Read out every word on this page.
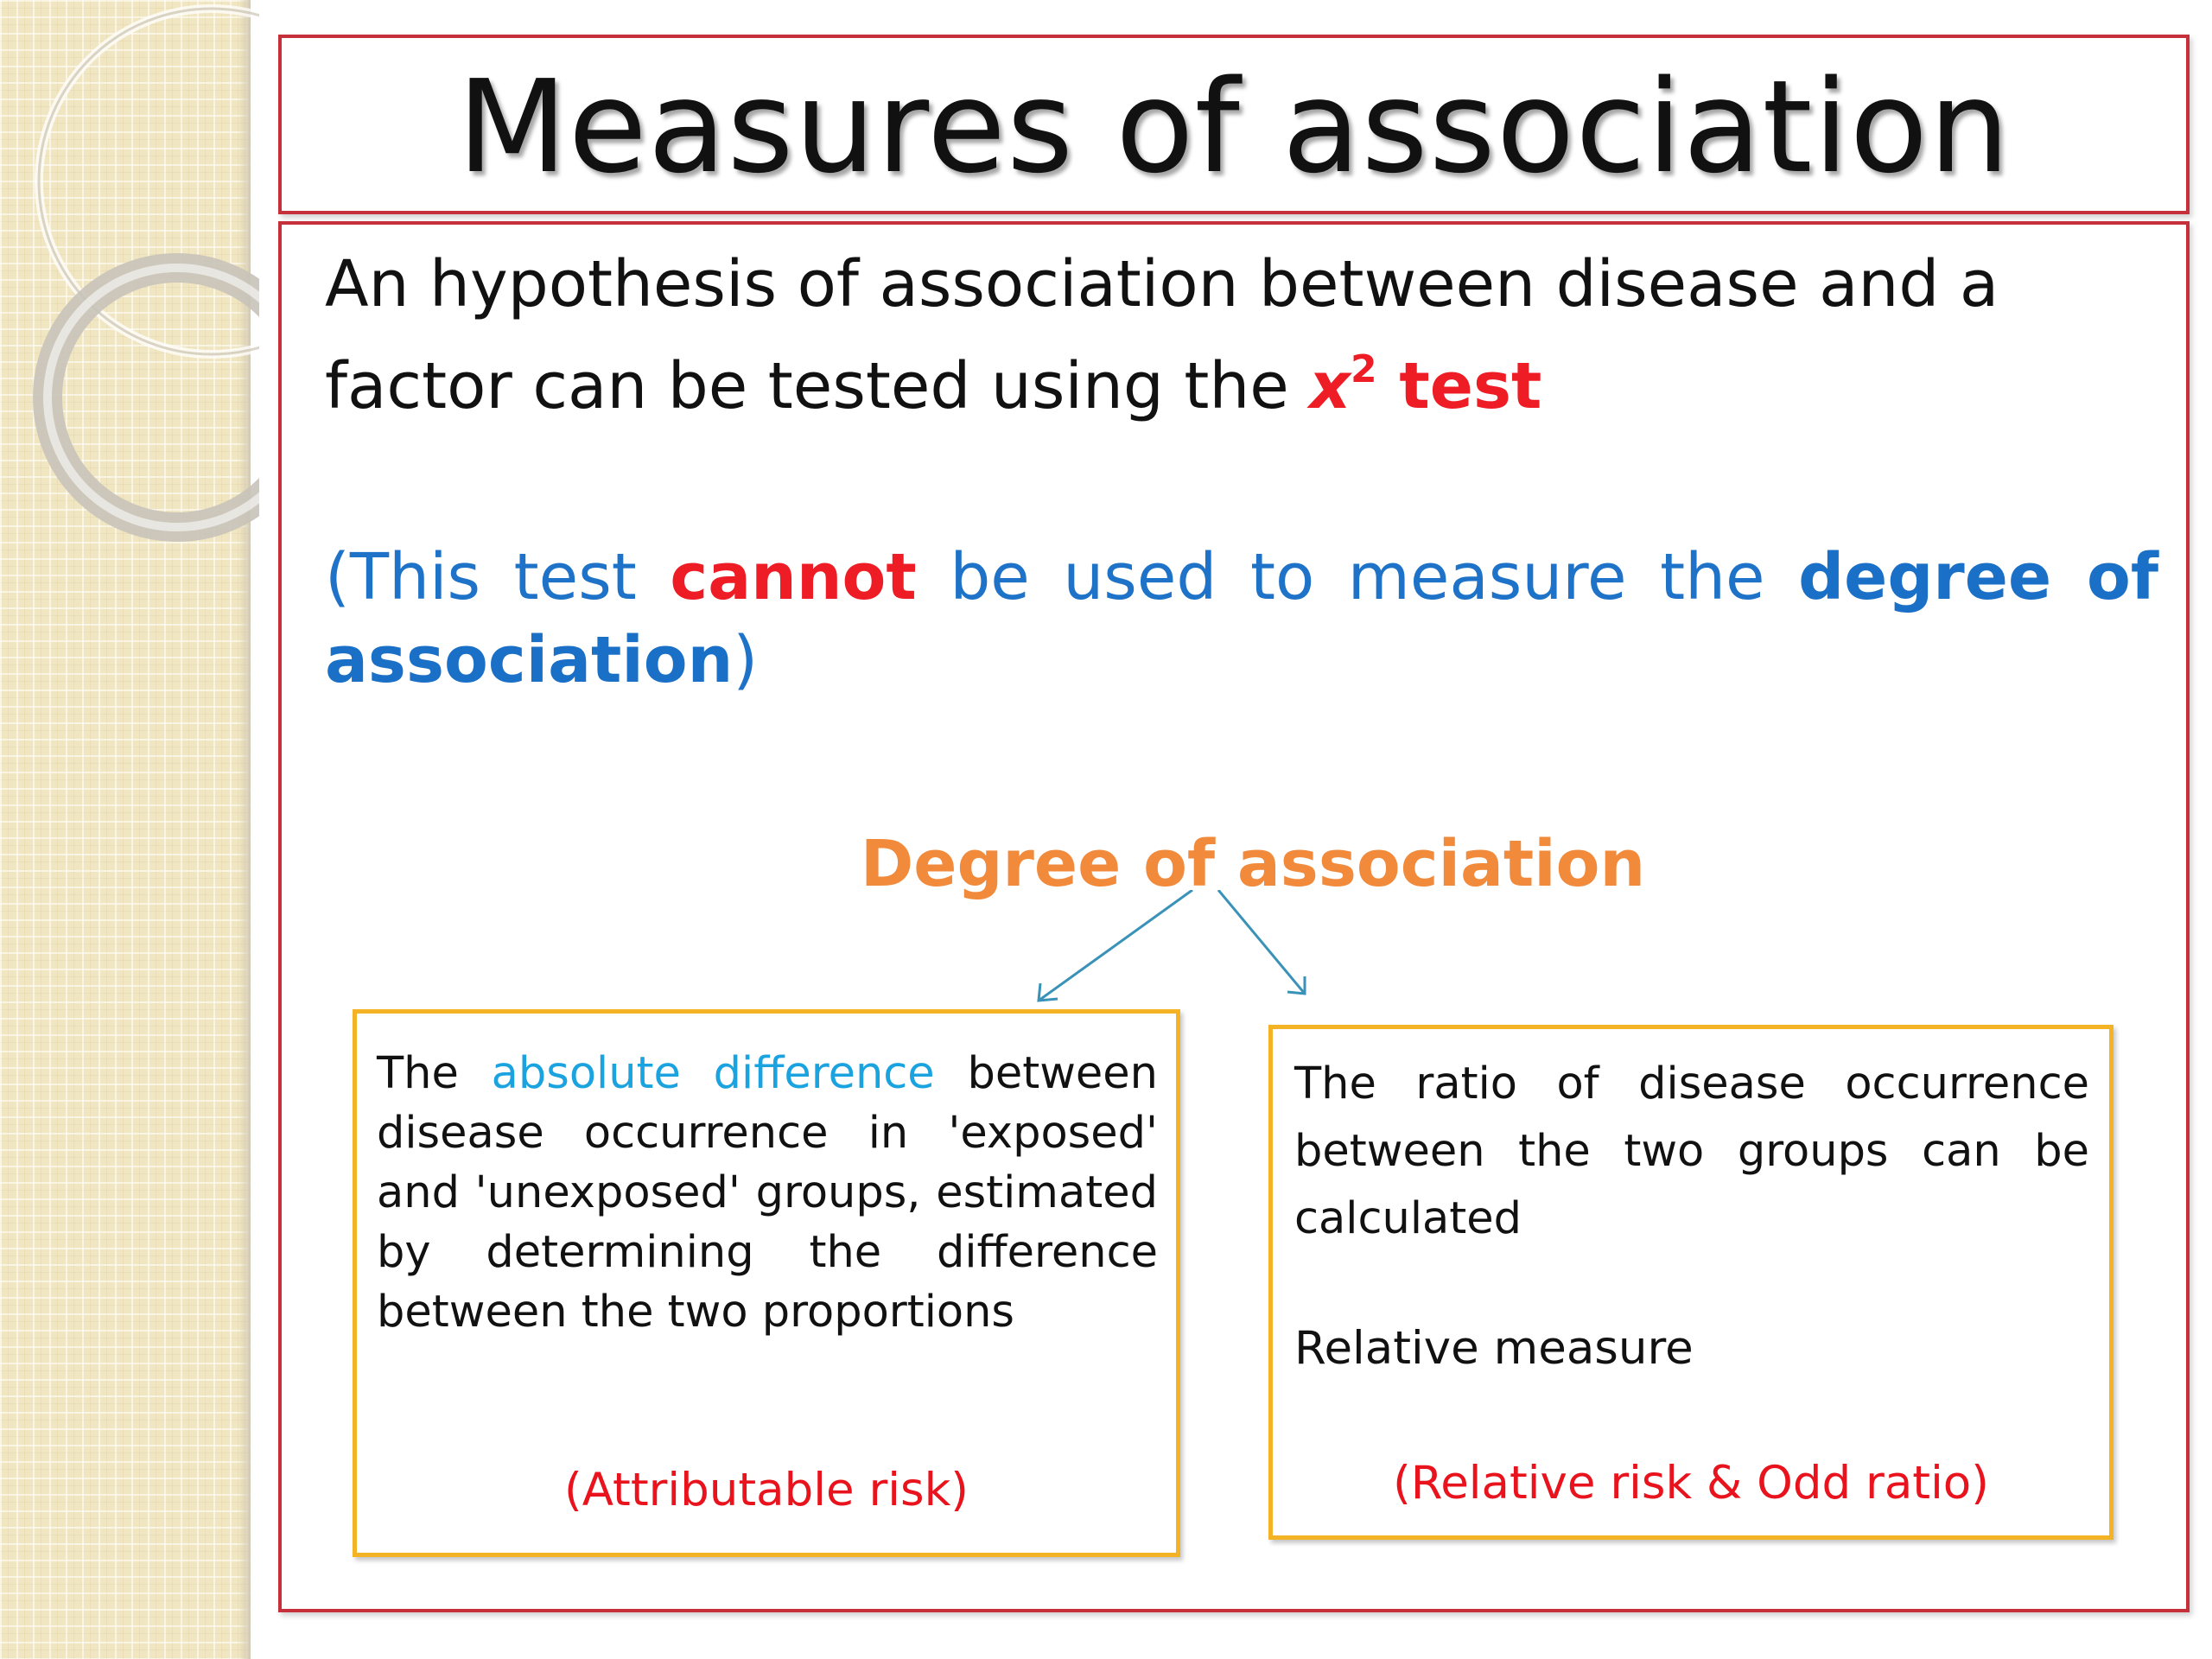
Measures of association

An hypothesis of association between disease and a factor can be tested using the $x^2$ test

(This test cannot be used to measure the degree of association)

Degree of association

The absolute difference between disease occurrence in 'exposed' and 'unexposed' groups, estimated by determining the difference between the two proportions

(Attributable risk)

The ratio of disease occurrence between the two groups can be calculated

Relative measure
(Relative risk & Odd ratio)
